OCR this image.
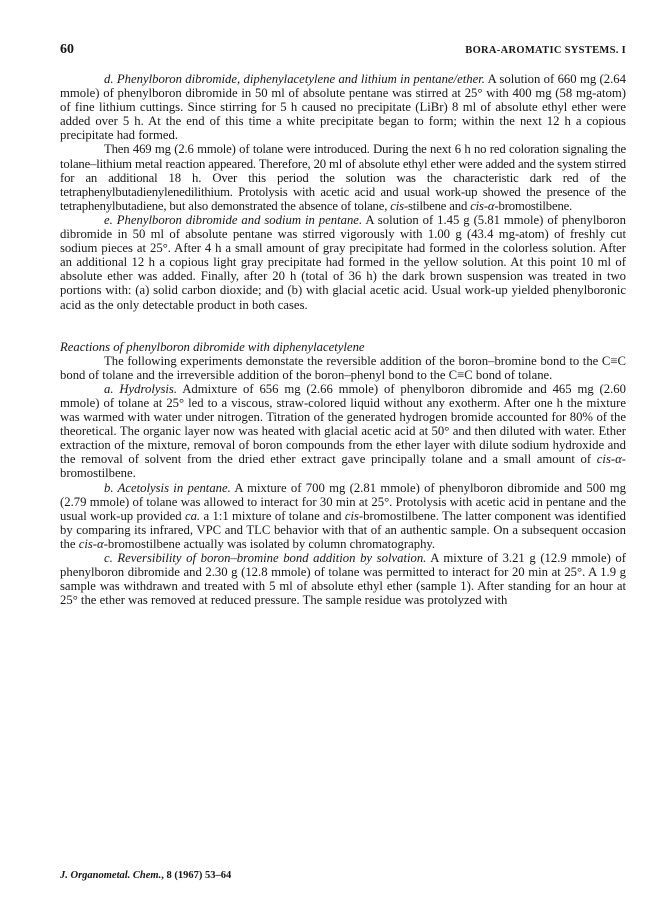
60	BORA-AROMATIC SYSTEMS. I

d. Phenylboron dibromide, diphenylacetylene and lithium in pentane/ether. A solution of 660 mg (2.64 mmole) of phenylboron dibromide in 50 ml of absolute pentane was stirred at 25° with 400 mg (58 mg-atom) of fine lithium cuttings. Since stirring for 5 h caused no precipitate (LiBr) 8 ml of absolute ethyl ether were added over 5 h. At the end of this time a white precipitate began to form; within the next 12 h a copious precipitate had formed.

Then 469 mg (2.6 mmole) of tolane were introduced. During the next 6 h no red coloration signaling the tolane–lithium metal reaction appeared. Therefore, 20 ml of absolute ethyl ether were added and the system stirred for an additional 18 h. Over this period the solution was the characteristic dark red of the tetraphenylbutadienylenedilithium. Protolysis with acetic acid and usual work-up showed the presence of the tetraphenylbutadiene, but also demonstrated the absence of tolane, cis-stilbene and cis-α-bromostilbene.

e. Phenylboron dibromide and sodium in pentane. A solution of 1.45 g (5.81 mmole) of phenylboron dibromide in 50 ml of absolute pentane was stirred vigorously with 1.00 g (43.4 mg-atom) of freshly cut sodium pieces at 25°. After 4 h a small amount of gray precipitate had formed in the colorless solution. After an additional 12 h a copious light gray precipitate had formed in the yellow solution. At this point 10 ml of absolute ether was added. Finally, after 20 h (total of 36 h) the dark brown suspension was treated in two portions with: (a) solid carbon dioxide; and (b) with glacial acetic acid. Usual work-up yielded phenylboronic acid as the only detectable product in both cases.

Reactions of phenylboron dibromide with diphenylacetylene

The following experiments demonstate the reversible addition of the boron–bromine bond to the C≡C bond of tolane and the irreversible addition of the boron–phenyl bond to the C≡C bond of tolane.

a. Hydrolysis. Admixture of 656 mg (2.66 mmole) of phenylboron dibromide and 465 mg (2.60 mmole) of tolane at 25° led to a viscous, straw-colored liquid without any exotherm. After one h the mixture was warmed with water under nitrogen. Titration of the generated hydrogen bromide accounted for 80% of the theoretical. The organic layer now was heated with glacial acetic acid at 50° and then diluted with water. Ether extraction of the mixture, removal of boron compounds from the ether layer with dilute sodium hydroxide and the removal of solvent from the dried ether extract gave principally tolane and a small amount of cis-α-bromostilbene.

b. Acetolysis in pentane. A mixture of 700 mg (2.81 mmole) of phenylboron dibromide and 500 mg (2.79 mmole) of tolane was allowed to interact for 30 min at 25°. Protolysis with acetic acid in pentane and the usual work-up provided ca. a 1:1 mixture of tolane and cis-bromostilbene. The latter component was identified by comparing its infrared, VPC and TLC behavior with that of an authentic sample. On a subsequent occasion the cis-α-bromostilbene actually was isolated by column chromatography.

c. Reversibility of boron–bromine bond addition by solvation. A mixture of 3.21 g (12.9 mmole) of phenylboron dibromide and 2.30 g (12.8 mmole) of tolane was permitted to interact for 20 min at 25°. A 1.9 g sample was withdrawn and treated with 5 ml of absolute ethyl ether (sample 1). After standing for an hour at 25° the ether was removed at reduced pressure. The sample residue was protolyzed with

J. Organometal. Chem., 8 (1967) 53–64
